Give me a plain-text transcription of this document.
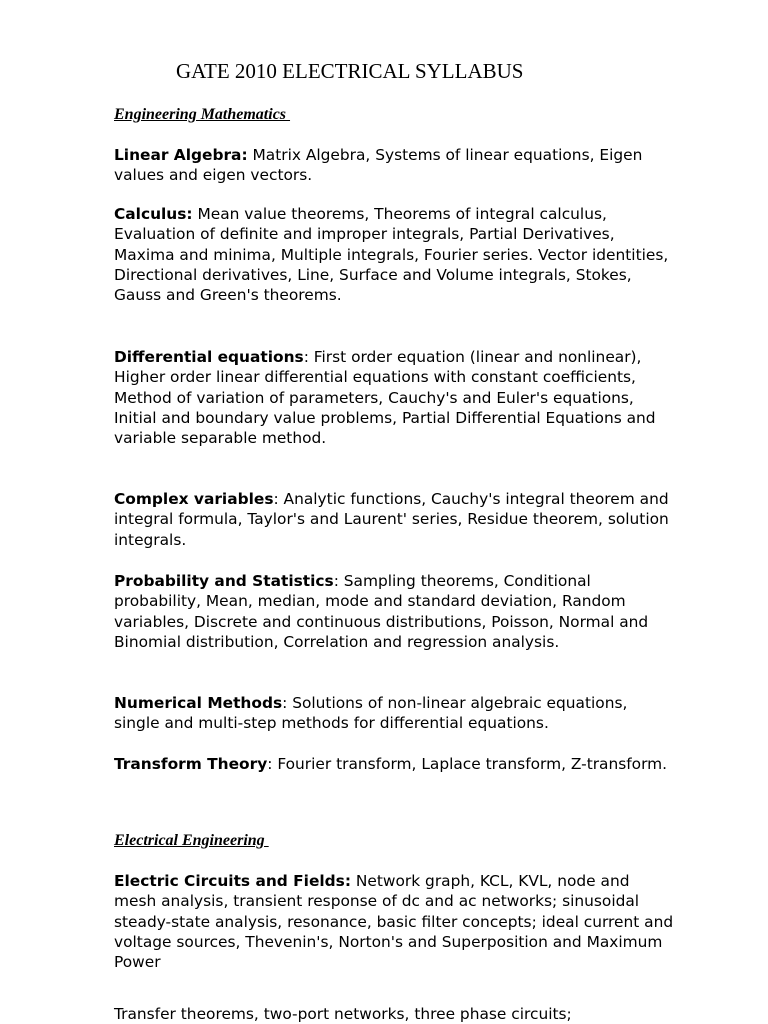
GATE 2010 ELECTRICAL SYLLABUS
Engineering Mathematics

Linear Algebra: Matrix Algebra, Systems of linear equations, Eigen values and eigen vectors.

Calculus: Mean value theorems, Theorems of integral calculus, Evaluation of definite and improper integrals, Partial Derivatives, Maxima and minima, Multiple integrals, Fourier series. Vector identities, Directional derivatives, Line, Surface and Volume integrals, Stokes, Gauss and Green's theorems.

Differential equations: First order equation (linear and nonlinear), Higher order linear differential equations with constant coefficients, Method of variation of parameters, Cauchy's and Euler's equations, Initial and boundary value problems, Partial Differential Equations and variable separable method.

Complex variables: Analytic functions, Cauchy's integral theorem and integral formula, Taylor's and Laurent' series, Residue theorem, solution integrals.

Probability and Statistics: Sampling theorems, Conditional probability, Mean, median, mode and standard deviation, Random variables, Discrete and continuous distributions, Poisson, Normal and Binomial distribution, Correlation and regression analysis.

Numerical Methods: Solutions of non-linear algebraic equations, single and multi-step methods for differential equations.

Transform Theory: Fourier transform, Laplace transform, Z-transform.

Electrical Engineering

Electric Circuits and Fields: Network graph, KCL, KVL, node and mesh analysis, transient response of dc and ac networks; sinusoidal steady-state analysis, resonance, basic filter concepts; ideal current and voltage sources, Thevenin's, Norton's and Superposition and Maximum Power

Transfer theorems, two-port networks, three phase circuits;
